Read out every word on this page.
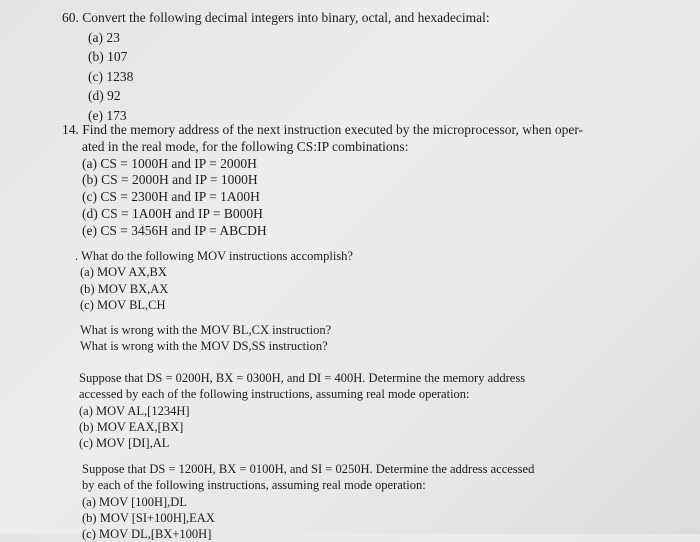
60. Convert the following decimal integers into binary, octal, and hexadecimal:
(a) 23
(b) 107
(c) 1238
(d) 92
(e) 173
14. Find the memory address of the next instruction executed by the microprocessor, when oper-
ated in the real mode, for the following CS:IP combinations:
(a) CS = 1000H and IP = 2000H
(b) CS = 2000H and IP = 1000H
(c) CS = 2300H and IP = 1A00H
(d) CS = 1A00H and IP = B000H
(e) CS = 3456H and IP = ABCDH
. What do the following MOV instructions accomplish?
(a) MOV AX,BX
(b) MOV BX,AX
(c) MOV BL,CH
What is wrong with the MOV BL,CX instruction?
What is wrong with the MOV DS,SS instruction?
Suppose that DS = 0200H, BX = 0300H, and DI = 400H. Determine the memory address
accessed by each of the following instructions, assuming real mode operation:
(a) MOV AL,[1234H]
(b) MOV EAX,[BX]
(c) MOV [DI],AL
Suppose that DS = 1200H, BX = 0100H, and SI = 0250H. Determine the address accessed
by each of the following instructions, assuming real mode operation:
(a) MOV [100H],DL
(b) MOV [SI+100H],EAX
(c) MOV DL,[BX+100H]
